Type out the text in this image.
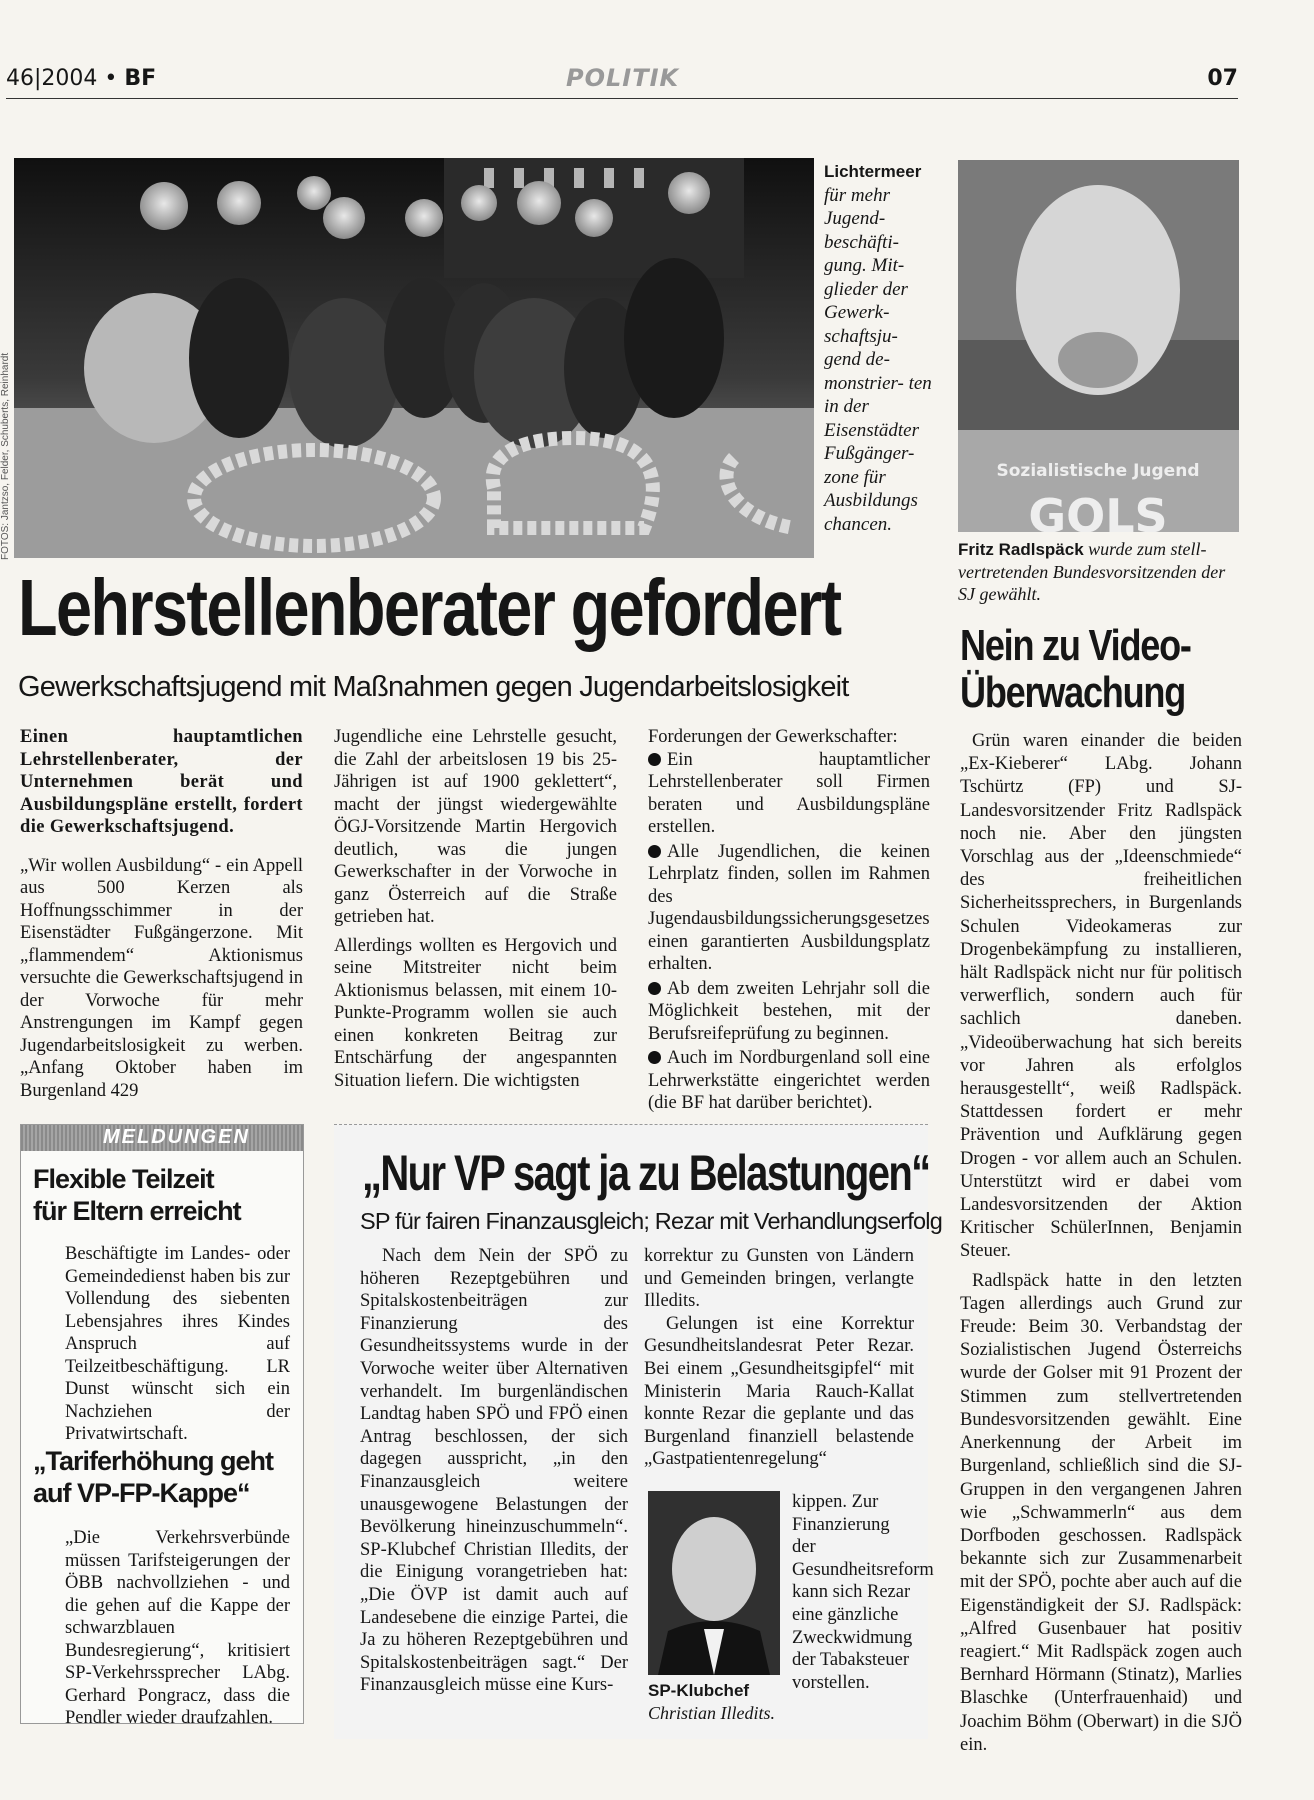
46|2004 • BF	POLITIK	07
FOTOS: Jantzso, Felder, Schuberts, Reinhardt
Lichtermeer für mehr Jugend- beschäfti- gung. Mit- glieder der Gewerk- schaftsju- gend de- monstrier- ten in der Eisenstädter Fußgänger- zone für Ausbildungs chancen.
Sozialistische Jugend
GOLS
Fritz Radlspäck wurde zum stell- vertretenden Bundesvorsitzenden der SJ gewählt.
Lehrstellenberater gefordert
Gewerkschaftsjugend mit Maßnahmen gegen Jugendarbeitslosigkeit

Einen hauptamtlichen Lehrstellenberater, der Unternehmen berät und Ausbildungspläne erstellt, fordert die Gewerkschaftsjugend.

„Wir wollen Ausbildung“ - ein Appell aus 500 Kerzen als Hoffnungsschimmer in der Eisenstädter Fußgängerzone. Mit „flammendem“ Aktionismus versuchte die Gewerkschaftsjugend in der Vorwoche für mehr Anstrengungen im Kampf gegen Jugendarbeitslosigkeit zu werben. „Anfang Oktober haben im Burgenland 429

Jugendliche eine Lehrstelle gesucht, die Zahl der arbeitslosen 19 bis 25-Jährigen ist auf 1900 geklettert“, macht der jüngst wiedergewählte ÖGJ-Vorsitzende Martin Hergovich deutlich, was die jungen Gewerkschafter in der Vorwoche in ganz Österreich auf die Straße getrieben hat.

Allerdings wollten es Hergovich und seine Mitstreiter nicht beim Aktionismus belassen, mit einem 10-Punkte-Programm wollen sie auch einen konkreten Beitrag zur Entschärfung der angespannten Situation liefern. Die wichtigsten

Forderungen der Gewerkschafter:

Ein hauptamtlicher Lehrstellenberater soll Firmen beraten und Ausbildungspläne erstellen.

Alle Jugendlichen, die keinen Lehrplatz finden, sollen im Rahmen des Jugendausbildungssicherungsgesetzes einen garantierten Ausbildungsplatz erhalten.

Ab dem zweiten Lehrjahr soll die Möglichkeit bestehen, mit der Berufsreifeprüfung zu beginnen.

Auch im Nordburgenland soll eine Lehrwerkstätte eingerichtet werden (die BF hat darüber berichtet).

Nein zu Video-
Überwachung

Grün waren einander die beiden „Ex-Kieberer“ LAbg. Johann Tschürtz (FP) und SJ-Landesvorsitzender Fritz Radlspäck noch nie. Aber den jüngsten Vorschlag aus der „Ideenschmiede“ des freiheitlichen Sicherheitssprechers, in Burgenlands Schulen Videokameras zur Drogenbekämpfung zu installieren, hält Radlspäck nicht nur für politisch verwerflich, sondern auch für sachlich daneben. „Videoüberwachung hat sich bereits vor Jahren als erfolglos herausgestellt“, weiß Radlspäck. Stattdessen fordert er mehr Prävention und Aufklärung gegen Drogen - vor allem auch an Schulen. Unterstützt wird er dabei vom Landesvorsitzenden der Aktion Kritischer SchülerInnen, Benjamin Steuer.

Radlspäck hatte in den letzten Tagen allerdings auch Grund zur Freude: Beim 30. Verbandstag der Sozialistischen Jugend Österreichs wurde der Golser mit 91 Prozent der Stimmen zum stellvertretenden Bundesvorsitzenden gewählt. Eine Anerkennung der Arbeit im Burgenland, schließlich sind die SJ-Gruppen in den vergangenen Jahren wie „Schwammerln“ aus dem Dorfboden geschossen. Radlspäck bekannte sich zur Zusammenarbeit mit der SPÖ, pochte aber auch auf die Eigenständigkeit der SJ. Radlspäck: „Alfred Gusenbauer hat positiv reagiert.“ Mit Radlspäck zogen auch Bernhard Hörmann (Stinatz), Marlies Blaschke (Unterfrauenhaid) und Joachim Böhm (Oberwart) in die SJÖ ein.

MELDUNGEN
Flexible Teilzeit
für Eltern erreicht
Beschäftigte im Landes- oder Gemeindedienst haben bis zur Vollendung des siebenten Lebensjahres ihres Kindes Anspruch auf Teilzeitbeschäftigung. LR Dunst wünscht sich ein Nachziehen der Privatwirtschaft.
„Tariferhöhung geht
auf VP-FP-Kappe“
„Die Verkehrsverbünde müssen Tarifsteigerungen der ÖBB nachvollziehen - und die gehen auf die Kappe der schwarzblauen Bundesregierung“, kritisiert SP-Verkehrssprecher LAbg. Gerhard Pongracz, dass die Pendler wieder draufzahlen.
„Nur VP sagt ja zu Belastungen“
SP für fairen Finanzausgleich; Rezar mit Verhandlungserfolg
Nach dem Nein der SPÖ zu höheren Rezeptgebühren und Spitalskostenbeiträgen zur Finanzierung des Gesundheitssystems wurde in der Vorwoche weiter über Alternativen verhandelt. Im burgenländischen Landtag haben SPÖ und FPÖ einen Antrag beschlossen, der sich dagegen ausspricht, „in den Finanzausgleich weitere unausgewogene Belastungen der Bevölkerung hineinzuschummeln“. SP-Klubchef Christian Illedits, der die Einigung vorangetrieben hat: „Die ÖVP ist damit auch auf Landesebene die einzige Partei, die Ja zu höheren Rezeptgebühren und Spitalskostenbeiträgen sagt.“ Der Finanzausgleich müsse eine Kurs-

korrektur zu Gunsten von Ländern und Gemeinden bringen, verlangte Illedits.

Gelungen ist eine Korrektur Gesundheitslandesrat Peter Rezar. Bei einem „Gesundheitsgipfel“ mit Ministerin Maria Rauch-Kallat konnte Rezar die geplante und das Burgenland finanziell belastende „Gastpatientenregelung“

SP-Klubchef
Christian Illedits.
kippen. Zur Finanzierung der Gesundheitsreform kann sich Rezar eine gänzliche Zweckwidmung der Tabaksteuer vorstellen.
